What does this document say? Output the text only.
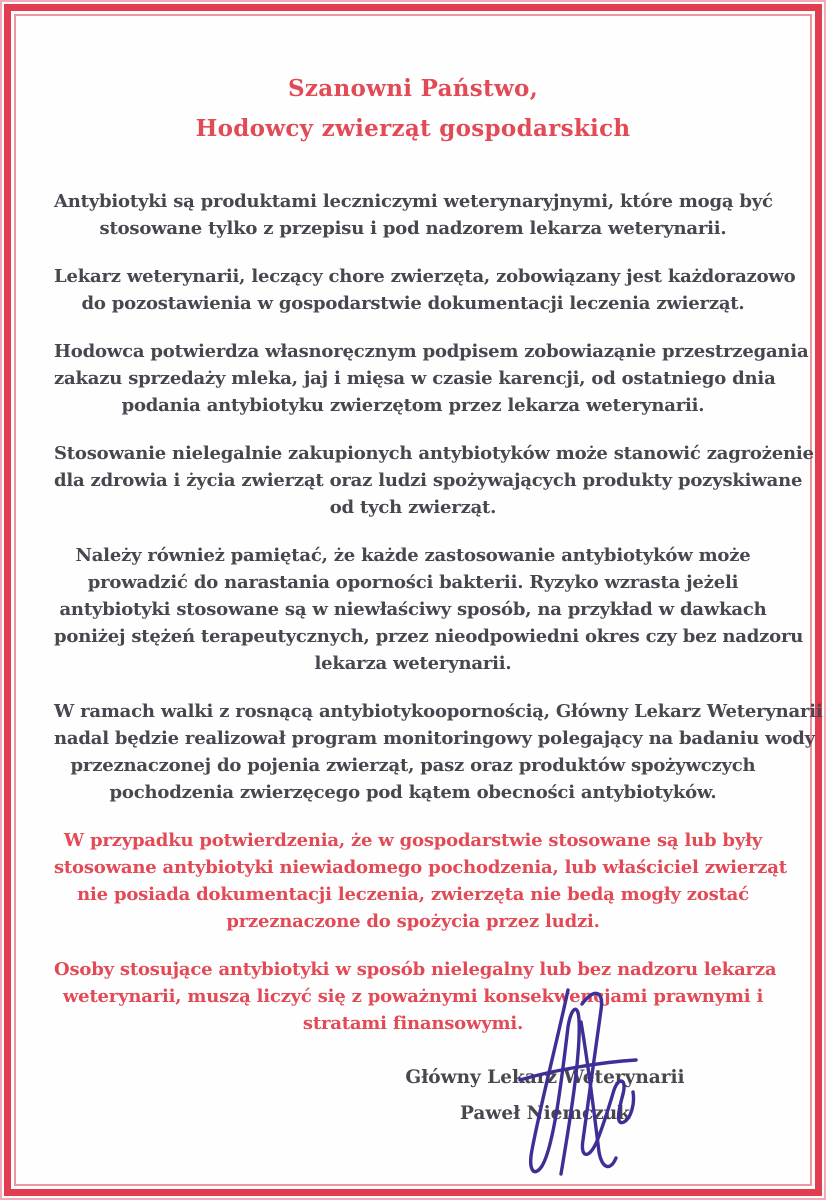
Szanowni Państwo,
Hodowcy zwierząt gospodarskich
Antybiotyki są produktami leczniczymi weterynaryjnymi, które mogą być
stosowane tylko z przepisu i pod nadzorem lekarza weterynarii.
Lekarz weterynarii, leczący chore zwierzęta, zobowiązany jest każdorazowo
do pozostawienia w gospodarstwie dokumentacji leczenia zwierząt.
Hodowca potwierdza własnoręcznym podpisem zobowiaząnie przestrzegania
zakazu sprzedaży mleka, jaj i mięsa w czasie karencji, od ostatniego dnia
podania antybiotyku zwierzętom przez lekarza weterynarii.
Stosowanie nielegalnie zakupionych antybiotyków może stanowić zagrożenie
dla zdrowia i życia zwierząt oraz ludzi spożywających produkty pozyskiwane
od tych zwierząt.
Należy również pamiętać, że każde zastosowanie antybiotyków może
prowadzić do narastania oporności bakterii. Ryzyko wzrasta jeżeli
antybiotyki stosowane są w niewłaściwy sposób, na przykład w dawkach
poniżej stężeń terapeutycznych, przez nieodpowiedni okres czy bez nadzoru
lekarza weterynarii.
W ramach walki z rosnącą antybiotykoopornością, Główny Lekarz Weterynarii
nadal będzie realizował program monitoringowy polegający na badaniu wody
przeznaczonej do pojenia zwierząt, pasz oraz produktów spożywczych
pochodzenia zwierzęcego pod kątem obecności antybiotyków.
W przypadku potwierdzenia, że w gospodarstwie stosowane są lub były
stosowane antybiotyki niewiadomego pochodzenia, lub właściciel zwierząt
nie posiada dokumentacji leczenia, zwierzęta nie bedą mogły zostać
przeznaczone do spożycia przez ludzi.
Osoby stosujące antybiotyki w sposób nielegalny lub bez nadzoru lekarza
weterynarii, muszą liczyć się z poważnymi konsekwencjami prawnymi i
stratami finansowymi.
Główny Lekarz Weterynarii
Paweł Niemczuk
